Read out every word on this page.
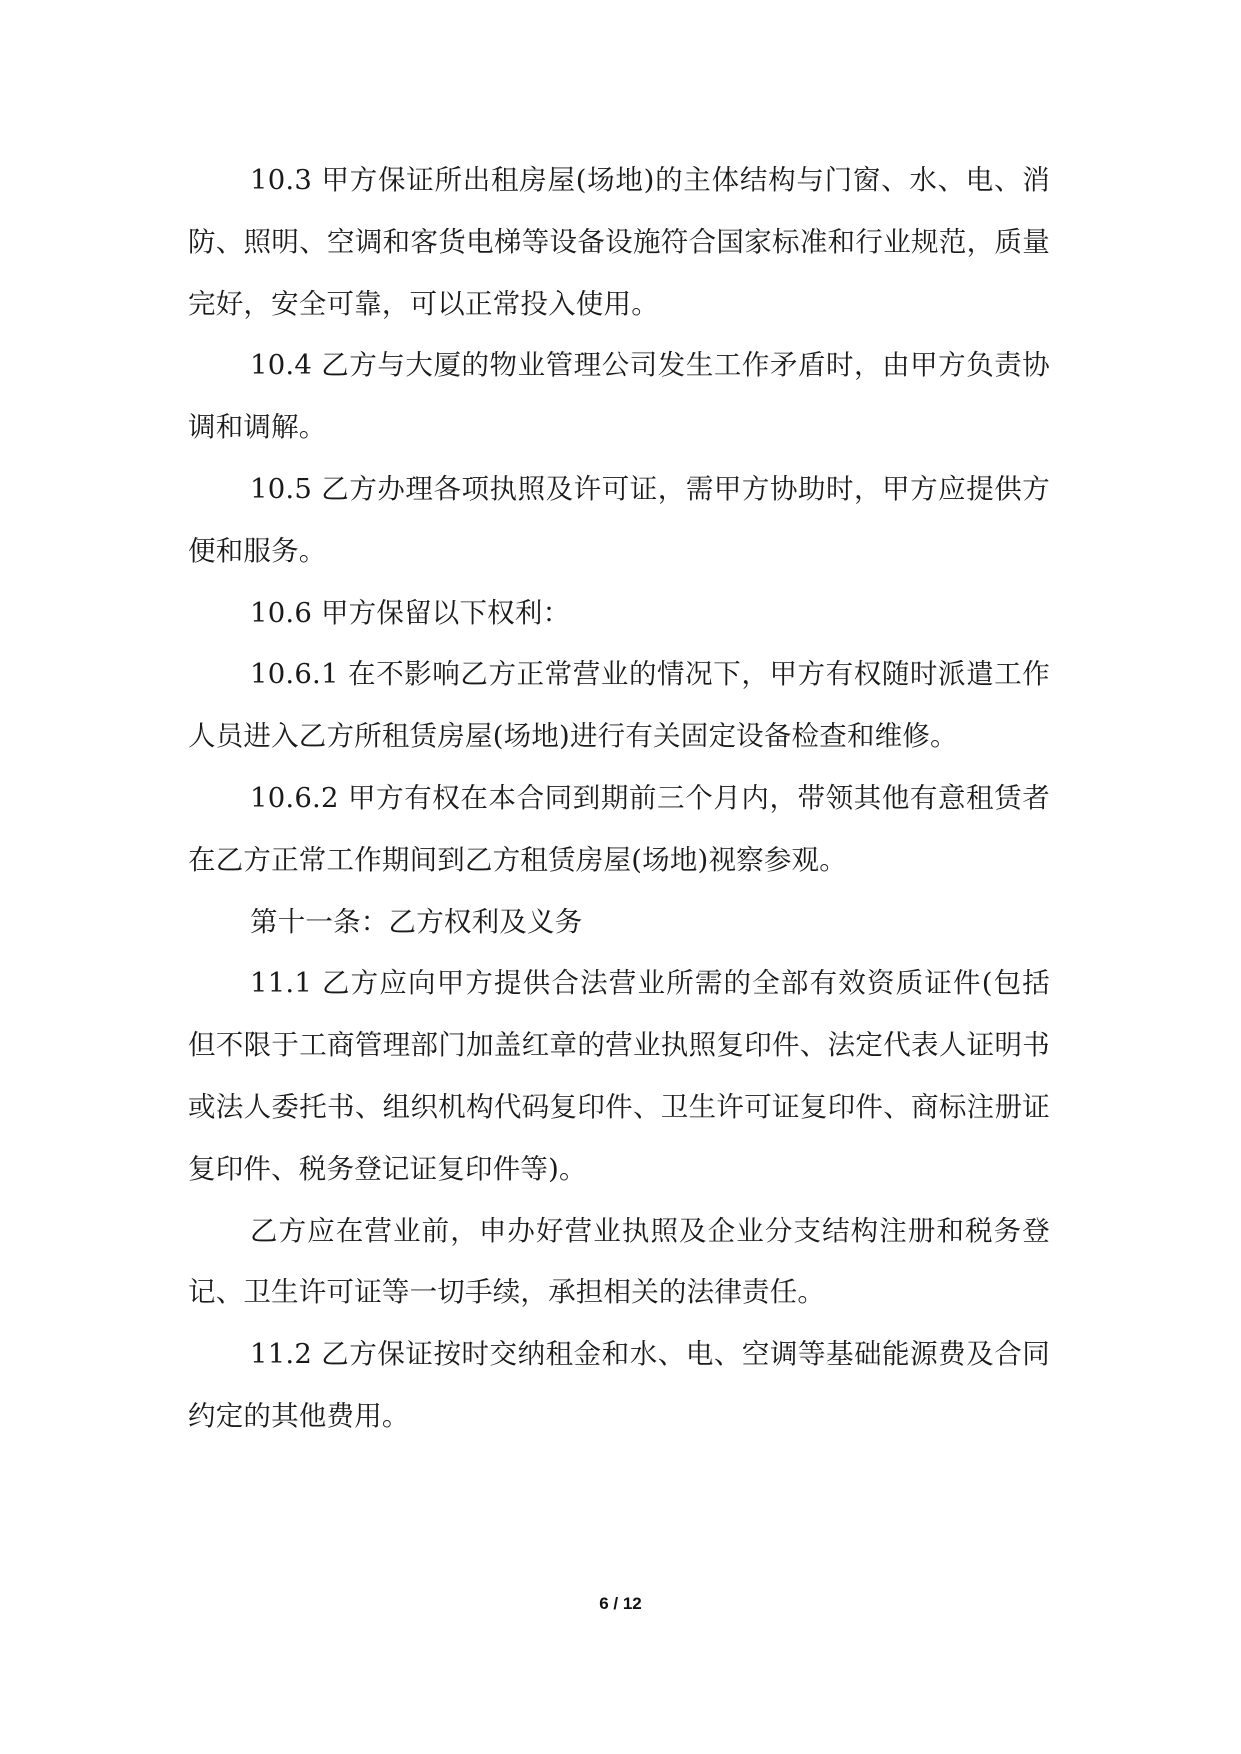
10.3 甲方保证所出租房屋(场地)的主体结构与门窗、水、电、消防、照明、空调和客货电梯等设备设施符合国家标准和行业规范，质量完好，安全可靠，可以正常投入使用。

10.4 乙方与大厦的物业管理公司发生工作矛盾时，由甲方负责协调和调解。

10.5 乙方办理各项执照及许可证，需甲方协助时，甲方应提供方便和服务。

10.6 甲方保留以下权利：

10.6.1 在不影响乙方正常营业的情况下，甲方有权随时派遣工作人员进入乙方所租赁房屋(场地)进行有关固定设备检查和维修。

10.6.2 甲方有权在本合同到期前三个月内，带领其他有意租赁者在乙方正常工作期间到乙方租赁房屋(场地)视察参观。

第十一条：乙方权利及义务

11.1 乙方应向甲方提供合法营业所需的全部有效资质证件(包括但不限于工商管理部门加盖红章的营业执照复印件、法定代表人证明书或法人委托书、组织机构代码复印件、卫生许可证复印件、商标注册证复印件、税务登记证复印件等)。

乙方应在营业前，申办好营业执照及企业分支结构注册和税务登记、卫生许可证等一切手续，承担相关的法律责任。

11.2 乙方保证按时交纳租金和水、电、空调等基础能源费及合同约定的其他费用。

6 / 12
